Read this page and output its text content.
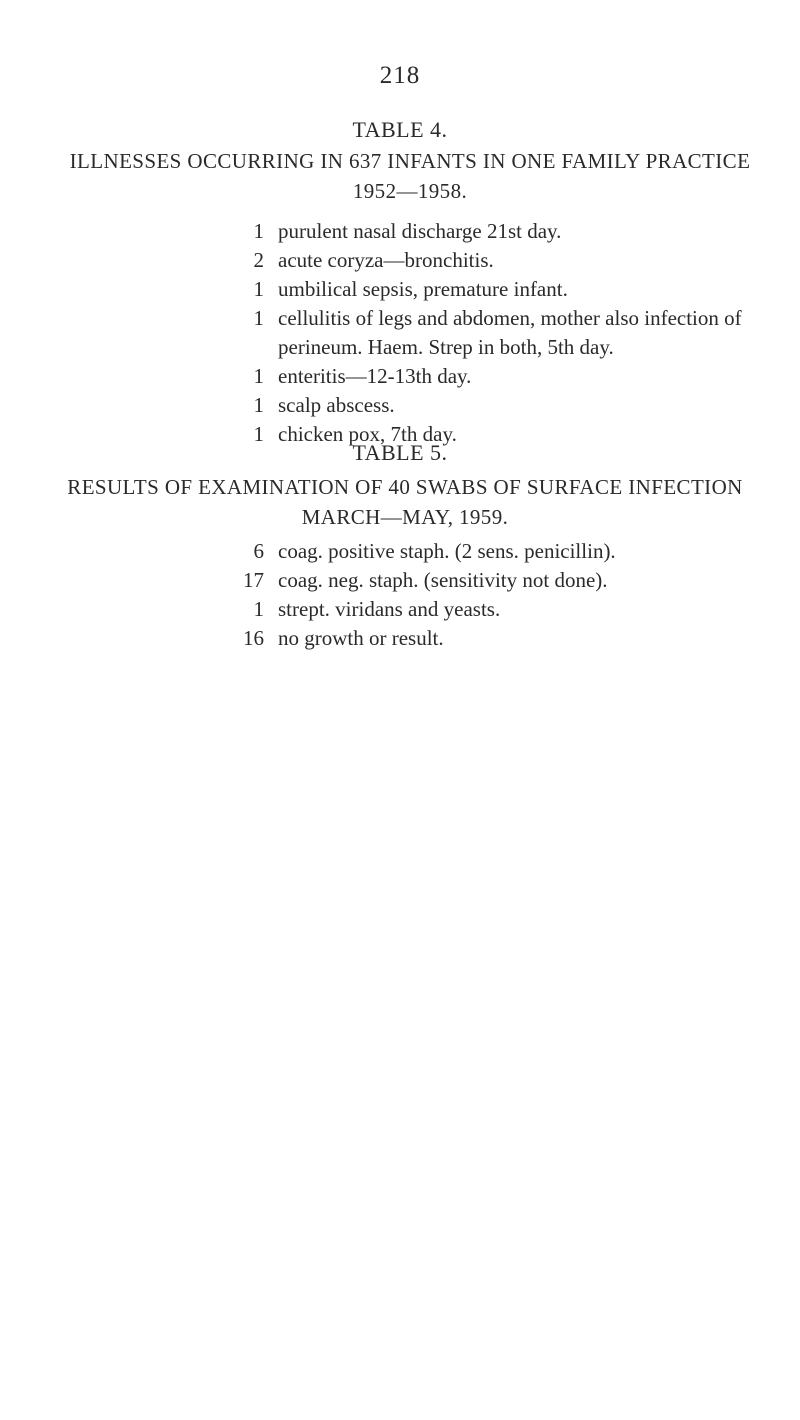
218
TABLE 4.
ILLNESSES OCCURRING IN 637 INFANTS IN ONE FAMILY PRACTICE 1952—1958.
1 purulent nasal discharge 21st day.
2 acute coryza—bronchitis.
1 umbilical sepsis, premature infant.
1 cellulitis of legs and abdomen, mother also infection of perineum. Haem. Strep in both, 5th day.
1 enteritis—12-13th day.
1 scalp abscess.
1 chicken pox, 7th day.
TABLE 5.
RESULTS OF EXAMINATION OF 40 SWABS OF SURFACE INFECTION MARCH—MAY, 1959.
6 coag. positive staph. (2 sens. penicillin).
17 coag. neg. staph. (sensitivity not done).
1 strept. viridans and yeasts.
16 no growth or result.
